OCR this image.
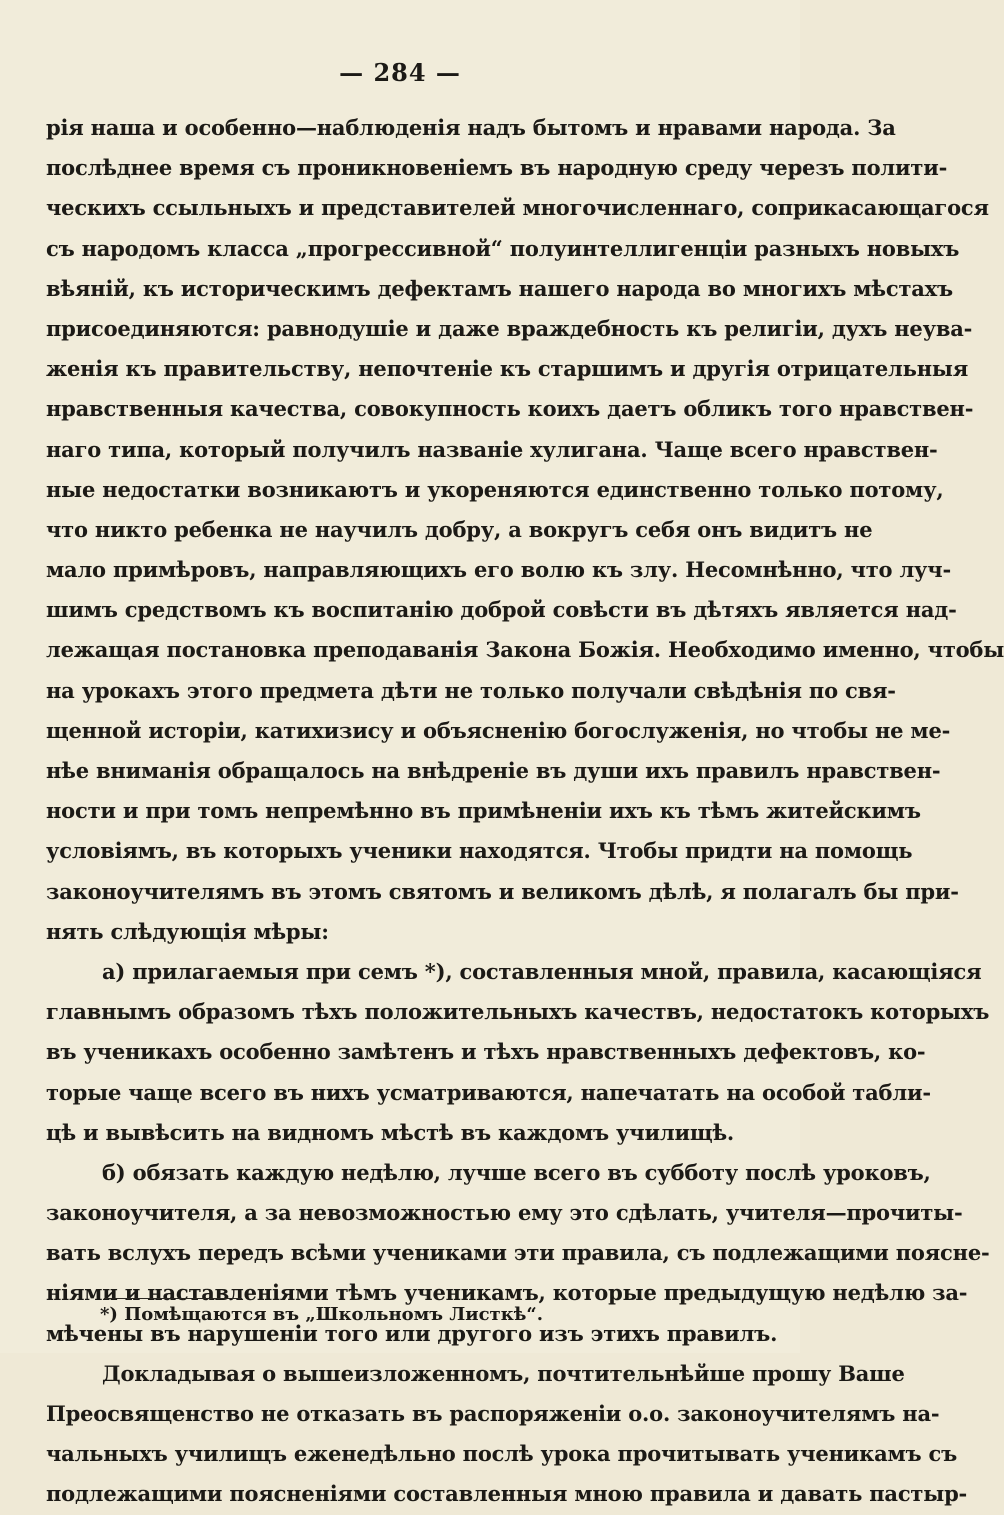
— 284 —
рія наша и особенно—наблюденія надъ бытомъ и нравами народа. За
послѣднее время съ проникновеніемъ въ народную среду черезъ полити-
ческихъ ссыльныхъ и представителей многочисленнаго, соприкасающагося
съ народомъ класса „прогрессивной“ полуинтеллигенціи разныхъ новыхъ
вѣяній, къ историческимъ дефектамъ нашего народа во многихъ мѣстахъ
присоединяются: равнодушіе и даже враждебность къ религіи, духъ неува-
женія къ правительству, непочтеніе къ старшимъ и другія отрицательныя
нравственныя качества, совокупность коихъ даетъ обликъ того нравствен-
наго типа, который получилъ названіе хулигана. Чаще всего нравствен-
ные недостатки возникаютъ и укореняются единственно только потому,
что никто ребенка не научилъ добру, а вокругъ себя онъ видитъ не
мало примѣровъ, направляющихъ его волю къ злу. Несомнѣнно, что луч-
шимъ средствомъ къ воспитанію доброй совѣсти въ дѣтяхъ является над-
лежащая постановка преподаванія Закона Божія. Необходимо именно, чтобы
на урокахъ этого предмета дѣти не только получали свѣдѣнія по свя-
щенной исторіи, катихизису и объясненію богослуженія, но чтобы не ме-
нѣе вниманія обращалось на внѣдреніе въ души ихъ правилъ нравствен-
ности и при томъ непремѣнно въ примѣненіи ихъ къ тѣмъ житейскимъ
условіямъ, въ которыхъ ученики находятся. Чтобы придти на помощь
законоучителямъ въ этомъ святомъ и великомъ дѣлѣ, я полагалъ бы при-
нять слѣдующія мѣры:
а) прилагаемыя при семъ *), составленныя мной, правила, касающіяся
главнымъ образомъ тѣхъ положительныхъ качествъ, недостатокъ которыхъ
въ ученикахъ особенно замѣтенъ и тѣхъ нравственныхъ дефектовъ, ко-
торые чаще всего въ нихъ усматриваются, напечатать на особой табли-
цѣ и вывѣсить на видномъ мѣстѣ въ каждомъ училищѣ.
б) обязать каждую недѣлю, лучше всего въ субботу послѣ уроковъ,
законоучителя, а за невозможностью ему это сдѣлать, учителя—прочиты-
вать вслухъ передъ всѣми учениками эти правила, съ подлежащими поясне-
ніями и наставленіями тѣмъ ученикамъ, которые предыдущую недѣлю за-
мѣчены въ нарушеніи того или другого изъ этихъ правилъ.
Докладывая о вышеизложенномъ, почтительнѣйше прошу Ваше
Преосвященство не отказать въ распоряженіи о.о. законоучителямъ на-
чальныхъ училищъ еженедѣльно послѣ урока прочитывать ученикамъ съ
подлежащими поясненіями составленныя мною правила и давать пастыр-
*) Помѣщаются въ „Школьномъ Листкѣ“.
